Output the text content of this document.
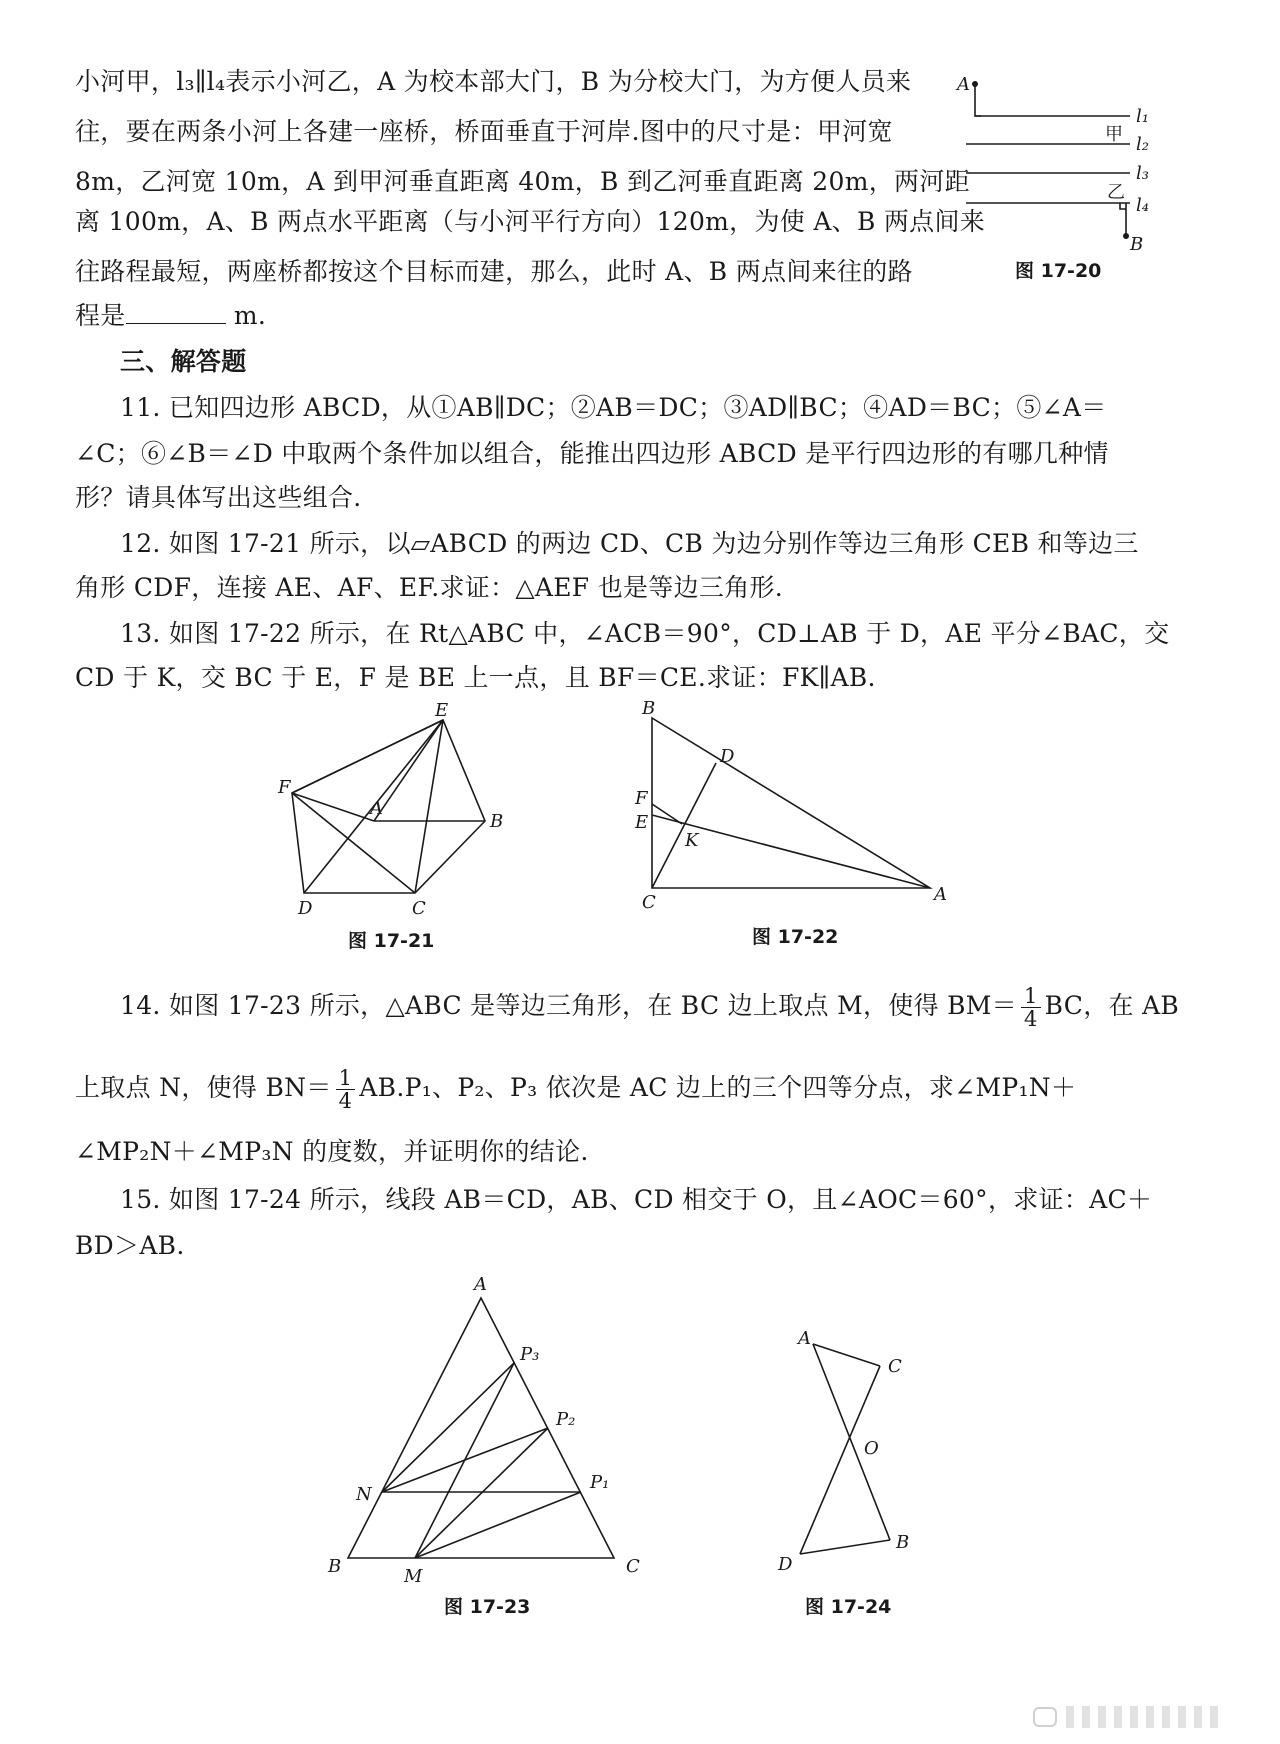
小河甲，l₃∥l₄表示小河乙，A 为校本部大门，B 为分校大门，为方便人员来
往，要在两条小河上各建一座桥，桥面垂直于河岸.图中的尺寸是：甲河宽
8m，乙河宽 10m，A 到甲河垂直距离 40m，B 到乙河垂直距离 20m，两河距
离 100m，A、B 两点水平距离（与小河平行方向）120m，为使 A、B 两点间来
往路程最短，两座桥都按这个目标而建，那么，此时 A、B 两点间来往的路
程是	m.
A
l₁
甲 l₂
l₃
乙
l₄
B
图 17-20
三、解答题
11. 已知四边形 ABCD，从①AB∥DC；②AB＝DC；③AD∥BC；④AD＝BC；⑤∠A＝
∠C；⑥∠B＝∠D 中取两个条件加以组合，能推出四边形 ABCD 是平行四边形的有哪几种情
形？请具体写出这些组合.
12. 如图 17-21 所示，以▱ABCD 的两边 CD、CB 为边分别作等边三角形 CEB 和等边三
角形 CDF，连接 AE、AF、EF.求证：△AEF 也是等边三角形.
13. 如图 17-22 所示，在 Rt△ABC 中，∠ACB＝90°，CD⊥AB 于 D，AE 平分∠BAC，交
CD 于 K，交 BC 于 E，F 是 BE 上一点，且 BF＝CE.求证：FK∥AB.
E
F
A
B
D	C
图 17-21
B
D
F
E
K
C	A
图 17-22
14. 如图 17-23 所示，△ABC 是等边三角形，在 BC 边上取点 M，使得 $BM= \frac{1}{4}$ BC，在 AB
上取点 N，使得 $BN= \frac{1}{4} AB.P_1$、P₂、P₃ 依次是 AC 边上的三个四等分点，求∠MP₁N＋
∠MP₂N＋∠MP₃N 的度数，并证明你的结论.
15. 如图 17-24 所示，线段 AB＝CD，AB、CD 相交于 O，且∠AOC＝60°，求证：AC＋
BD＞AB.
A
P₃
P₂
P₁
N
B	M	C
图 17-23
A
C
O
D
B
图 17-24
